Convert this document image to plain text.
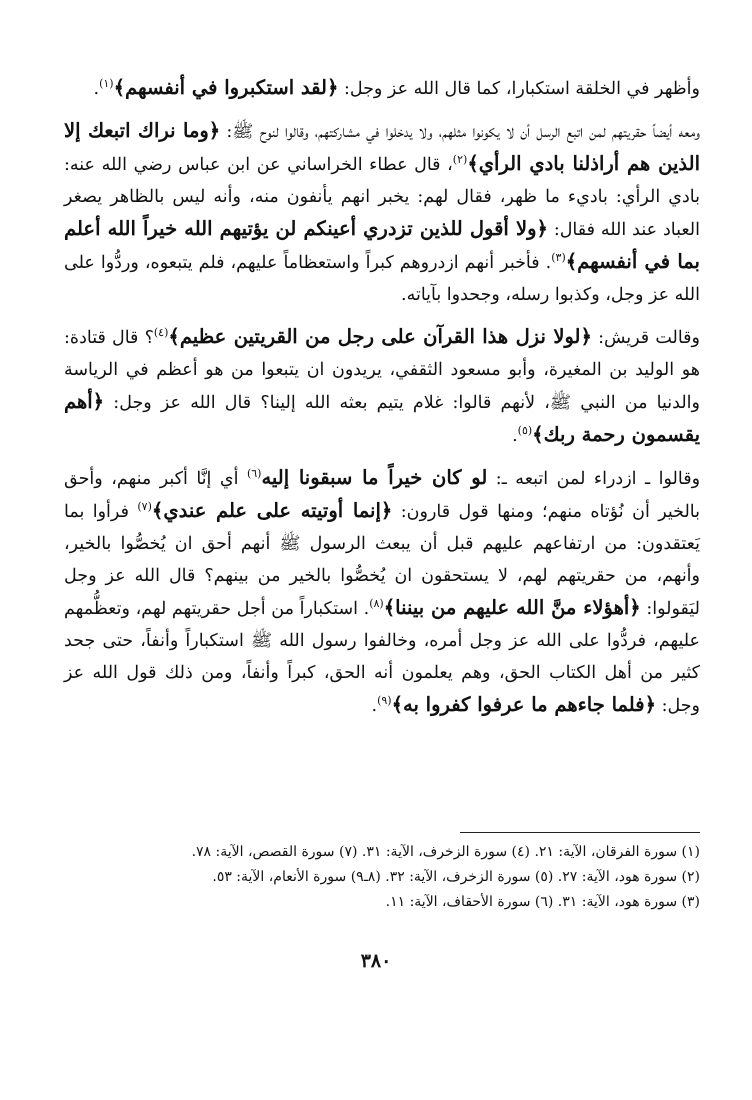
وأظهر في الخلقة استكبارا، كما قال الله عز وجل: ﴿لقد استكبروا في أنفسهم﴾$^{(١)}$.

ومعه أيضاً حقريتهم لمن اتبع الرسل أن لا يكونوا مثلهم، ولا يدخلوا في مشاركتهم، وقالوا لنوح ﷺ: ﴿وما نراك اتبعك إلا الذين هم أراذلنا بادي الرأي﴾$^{(٢)}$، قال عطاء الخراساني عن ابن عباس رضي الله عنه: بادي الرأي: باديء ما ظهر، فقال لهم: يخبر انهم يأنفون منه، وأنه ليس بالظاهر يصغر العباد عند الله فقال: ﴿ولا أقول للذين تزدري أعينكم لن يؤتيهم الله خيراً الله أعلم بما في أنفسهم﴾$^{(٣)}$. فأخبر أنهم ازدروهم كبراً واستعظاماً عليهم، فلم يتبعوه، وردُّوا على الله عز وجل، وكذبوا رسله، وجحدوا بآياته.

وقالت قريش: ﴿لولا نزل هذا القرآن على رجل من القريتين عظيم﴾$^{(٤)}$؟ قال قتادة: هو الوليد بن المغيرة، وأبو مسعود الثقفي، يريدون ان يتبعوا من هو أعظم في الرياسة والدنيا من النبي ﷺ، لأنهم قالوا: غلام يتيم بعثه الله إلينا؟ قال الله عز وجل: ﴿أهم يقسمون رحمة ربك﴾$^{(٥)}$.

وقالوا ـ ازدراء لمن اتبعه ـ: لو كان خيراً ما سبقونا إليه$^{(٦)}$ أي إنَّا أكبر منهم، وأحق بالخير أن نُؤتاه منهم؛ ومنها قول قارون: ﴿إنما أوتيته على علم عندي﴾$^{(٧)}$ فرأوا بما يَعتقدون: من ارتفاعهم عليهم قبل أن يبعث الرسول ﷺ أنهم أحق ان يُخصُّوا بالخير، وأنهم، من حقريتهم لهم، لا يستحقون ان يُخصُّوا بالخير من بينهم؟ قال الله عز وجل ليَقولوا: ﴿أهؤلاء منَّ الله عليهم من بيننا﴾$^{(٨)}$. استكباراً من أجل حقريتهم لهم، وتعظُّمهم عليهم، فردُّوا على الله عز وجل أمره، وخالفوا رسول الله ﷺ استكباراً وأنفاً، حتى جحد كثير من أهل الكتاب الحق، وهم يعلمون أنه الحق، كبراً وأنفاً، ومن ذلك قول الله عز وجل: ﴿فلما جاءهم ما عرفوا كفروا به﴾$^{(٩)}$.

(١) سورة الفرقان، الآية: ٢١. (٤) سورة الزخرف، الآية: ٣١. (٧) سورة القصص، الآية: ٧٨.
(٢) سورة هود، الآية: ٢٧. (٥) سورة الزخرف، الآية: ٣٢. (٨ـ٩) سورة الأنعام، الآية: ٥٣.
(٣) سورة هود، الآية: ٣١. (٦) سورة الأحقاف، الآية: ١١.
٣٨٠
